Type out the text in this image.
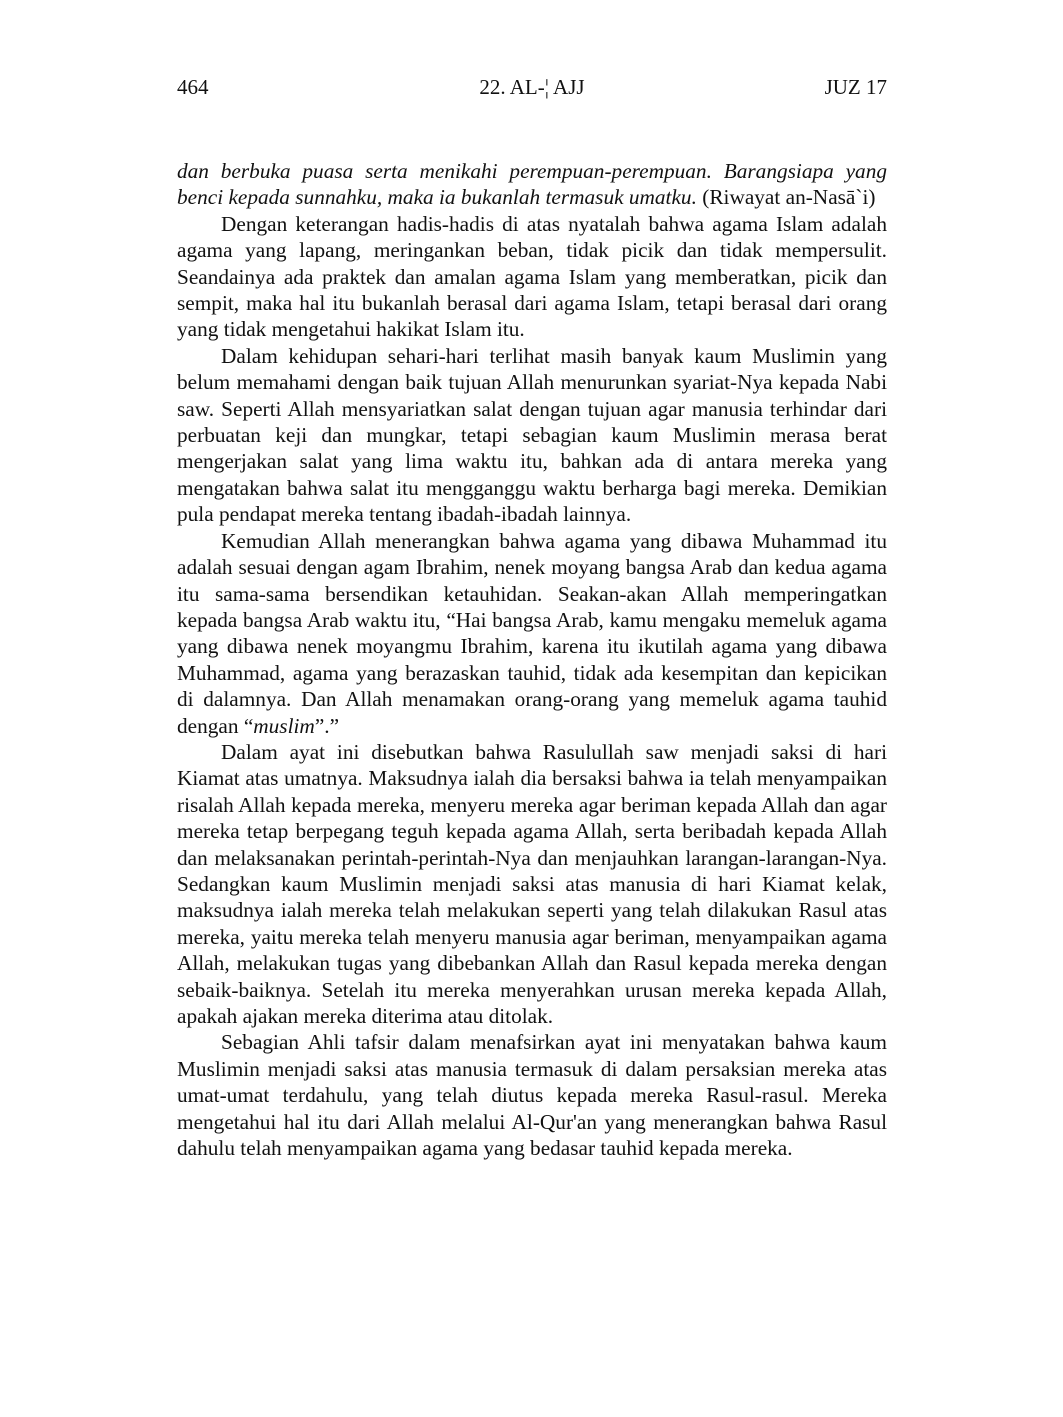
464	22. AL-¦ AJJ	JUZ 17

dan berbuka puasa serta menikahi perempuan-perempuan. Barangsiapa yang benci kepada sunnahku, maka ia bukanlah termasuk umatku. (Riwayat an-Nasā`i)

Dengan keterangan hadis-hadis di atas nyatalah bahwa agama Islam adalah agama yang lapang, meringankan beban, tidak picik dan tidak mempersulit. Seandainya ada praktek dan amalan agama Islam yang memberatkan, picik dan sempit, maka hal itu bukanlah berasal dari agama Islam, tetapi berasal dari orang yang tidak mengetahui hakikat Islam itu.

Dalam kehidupan sehari-hari terlihat masih banyak kaum Muslimin yang belum memahami dengan baik tujuan Allah menurunkan syariat-Nya kepada Nabi saw. Seperti Allah mensyariatkan salat dengan tujuan agar manusia terhindar dari perbuatan keji dan mungkar, tetapi sebagian kaum Muslimin merasa berat mengerjakan salat yang lima waktu itu, bahkan ada di antara mereka yang mengatakan bahwa salat itu mengganggu waktu berharga bagi mereka. Demikian pula pendapat mereka tentang ibadah-ibadah lainnya.

Kemudian Allah menerangkan bahwa agama yang dibawa Muhammad itu adalah sesuai dengan agam Ibrahim, nenek moyang bangsa Arab dan kedua agama itu sama-sama bersendikan ketauhidan. Seakan-akan Allah memperingatkan kepada bangsa Arab waktu itu, “Hai bangsa Arab, kamu mengaku memeluk agama yang dibawa nenek moyangmu Ibrahim, karena itu ikutilah agama yang dibawa Muhammad, agama yang berazaskan tauhid, tidak ada kesempitan dan kepicikan di dalamnya. Dan Allah menamakan orang-orang yang memeluk agama tauhid dengan “muslim”.”

Dalam ayat ini disebutkan bahwa Rasulullah saw menjadi saksi di hari Kiamat atas umatnya. Maksudnya ialah dia bersaksi bahwa ia telah menyampaikan risalah Allah kepada mereka, menyeru mereka agar beriman kepada Allah dan agar mereka tetap berpegang teguh kepada agama Allah, serta beribadah kepada Allah dan melaksanakan perintah-perintah-Nya dan menjauhkan larangan-larangan-Nya. Sedangkan kaum Muslimin menjadi saksi atas manusia di hari Kiamat kelak, maksudnya ialah mereka telah melakukan seperti yang telah dilakukan Rasul atas mereka, yaitu mereka telah menyeru manusia agar beriman, menyampaikan agama Allah, melakukan tugas yang dibebankan Allah dan Rasul kepada mereka dengan sebaik-baiknya. Setelah itu mereka menyerahkan urusan mereka kepada Allah, apakah ajakan mereka diterima atau ditolak.

Sebagian Ahli tafsir dalam menafsirkan ayat ini menyatakan bahwa kaum Muslimin menjadi saksi atas manusia termasuk di dalam persaksian mereka atas umat-umat terdahulu, yang telah diutus kepada mereka Rasul-rasul. Mereka mengetahui hal itu dari Allah melalui Al-Qur'an yang menerangkan bahwa Rasul dahulu telah menyampaikan agama yang bedasar tauhid kepada mereka.
